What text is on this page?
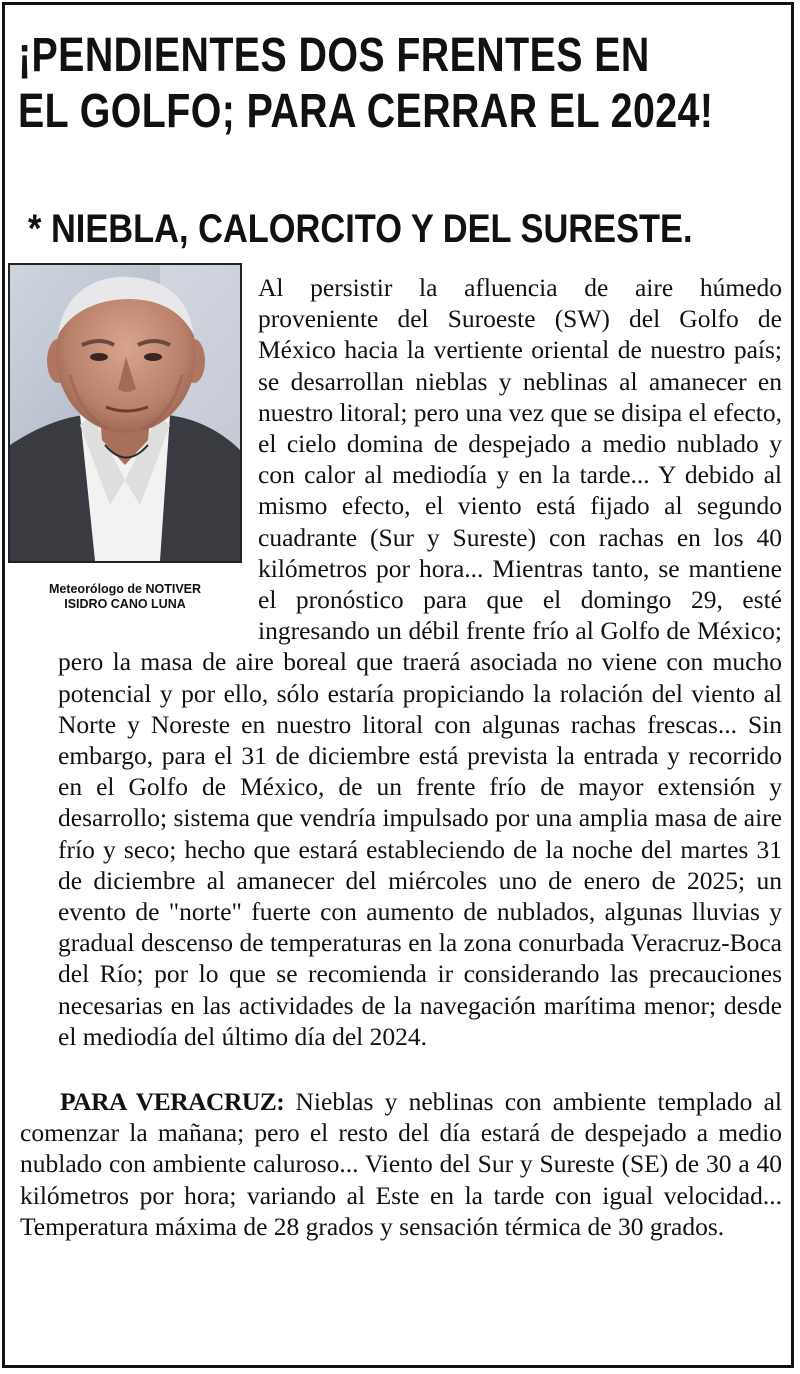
¡PENDIENTES DOS FRENTES EN
EL GOLFO; PARA CERRAR EL 2024!
* NIEBLA, CALORCITO Y DEL SURESTE.
Meteorólogo de NOTIVER
ISIDRO CANO LUNA

Al persistir la afluencia de aire húmedo proveniente del Suroeste (SW) del Golfo de México hacia la vertiente oriental de nuestro país; se desarrollan nieblas y neblinas al amanecer en nuestro litoral; pero una vez que se disipa el efecto, el cielo domina de despejado a medio nublado y con calor al mediodía y en la tarde... Y debido al mismo efecto, el viento está fijado al segundo cuadrante (Sur y Sureste) con rachas en los 40 kilómetros por hora... Mientras tanto, se mantiene el pronóstico para que el domingo 29, esté ingresando un débil frente frío al Golfo de México; pero la masa de aire boreal que traerá asociada no viene con mucho potencial y por ello, sólo estaría propiciando la rolación del viento al Norte y Noreste en nuestro litoral con algunas rachas frescas... Sin embargo, para el 31 de diciembre está prevista la entrada y recorrido en el Golfo de México, de un frente frío de mayor extensión y desarrollo; sistema que vendría impulsado por una amplia masa de aire frío y seco; hecho que estará estableciendo de la noche del martes 31 de diciembre al amanecer del miércoles uno de enero de 2025; un evento de "norte" fuerte con aumento de nublados, algunas lluvias y gradual descenso de temperaturas en la zona conurbada Veracruz-Boca del Río; por lo que se recomienda ir considerando las precauciones necesarias en las actividades de la navegación marítima menor; desde el mediodía del último día del 2024.

PARA VERACRUZ: Nieblas y neblinas con ambiente templado al comenzar la mañana; pero el resto del día estará de despejado a medio nublado con ambiente caluroso... Viento del Sur y Sureste (SE) de 30 a 40 kilómetros por hora; variando al Este en la tarde con igual velocidad... Temperatura máxima de 28 grados y sensación térmica de 30 grados.
